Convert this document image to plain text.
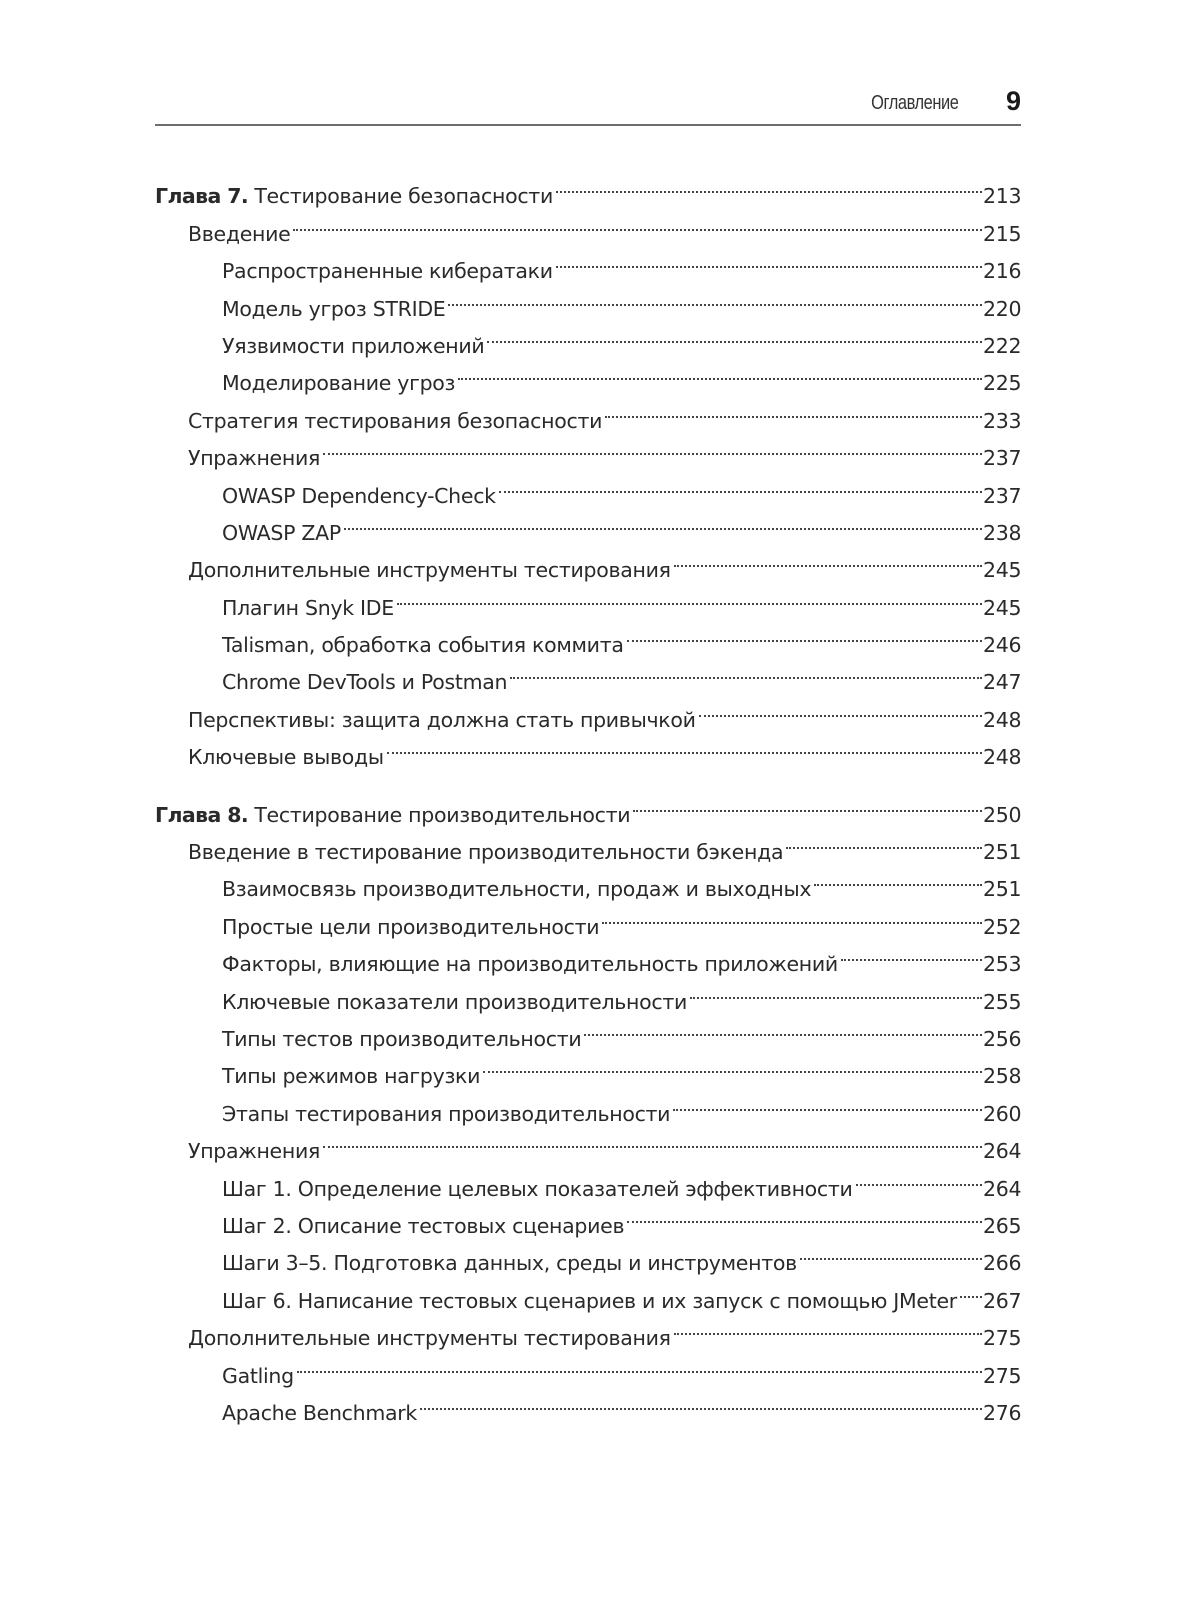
Оглавление 9
Глава 7. Тестирование безопасности	213
Введение	215
Распространенные кибератаки	216
Модель угроз STRIDE	220
Уязвимости приложений	222
Моделирование угроз	225
Стратегия тестирования безопасности	233
Упражнения	237
OWASP Dependency-Check	237
OWASP ZAP	238
Дополнительные инструменты тестирования	245
Плагин Snyk IDE	245
Talisman, обработка события коммита	246
Chrome DevTools и Postman	247
Перспективы: защита должна стать привычкой	248
Ключевые выводы	248
Глава 8. Тестирование производительности	250
Введение в тестирование производительности бэкенда	251
Взаимосвязь производительности, продаж и выходных	251
Простые цели производительности	252
Факторы, влияющие на производительность приложений	253
Ключевые показатели производительности	255
Типы тестов производительности	256
Типы режимов нагрузки	258
Этапы тестирования производительности	260
Упражнения	264
Шаг 1. Определение целевых показателей эффективности	264
Шаг 2. Описание тестовых сценариев	265
Шаги 3–5. Подготовка данных, среды и инструментов	266
Шаг 6. Написание тестовых сценариев и их запуск с помощью JMeter 267
Дополнительные инструменты тестирования	275
Gatling	275
Apache Benchmark	276
